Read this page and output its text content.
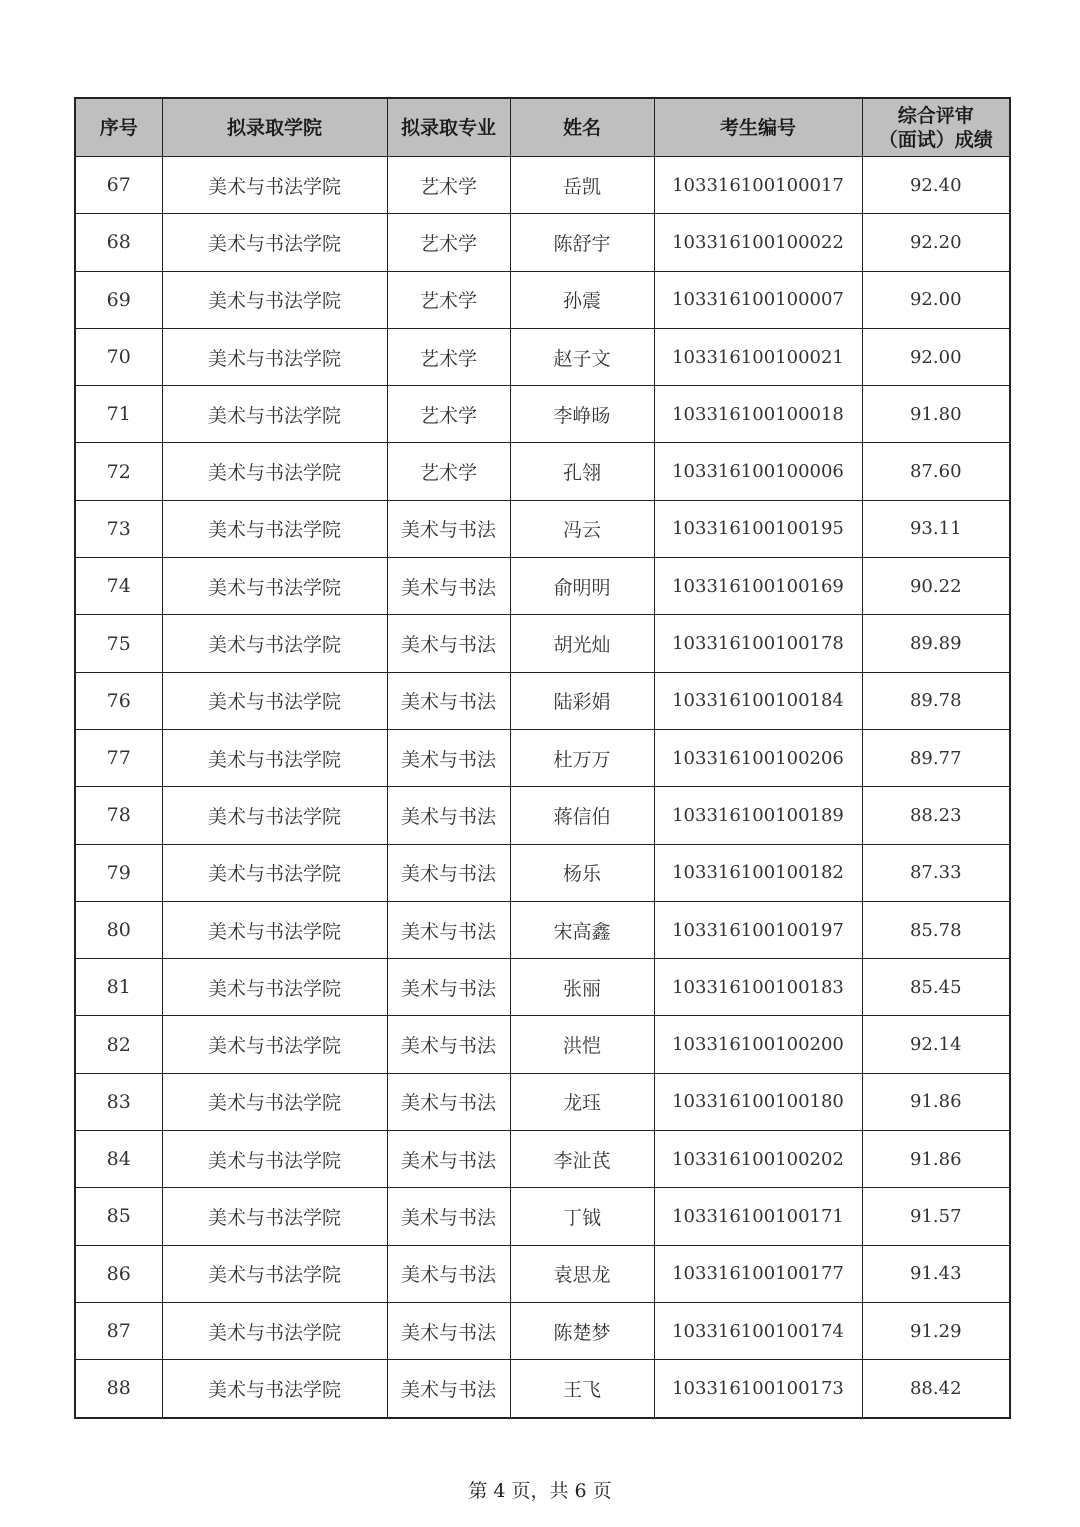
序号	拟录取学院	拟录取专业	姓名	考生编号	综合评审
（面试）成绩

67	美术与书法学院	艺术学	岳凯	103316100100017	92.40
68	美术与书法学院	艺术学	陈舒宇	103316100100022	92.20
69	美术与书法学院	艺术学	孙震	103316100100007	92.00
70	美术与书法学院	艺术学	赵子文	103316100100021	92.00
71	美术与书法学院	艺术学	李峥旸	103316100100018	91.80
72	美术与书法学院	艺术学	孔翎	103316100100006	87.60
73	美术与书法学院	美术与书法	冯云	103316100100195	93.11
74	美术与书法学院	美术与书法	俞明明	103316100100169	90.22
75	美术与书法学院	美术与书法	胡光灿	103316100100178	89.89
76	美术与书法学院	美术与书法	陆彩娟	103316100100184	89.78
77	美术与书法学院	美术与书法	杜万万	103316100100206	89.77
78	美术与书法学院	美术与书法	蒋信伯	103316100100189	88.23
79	美术与书法学院	美术与书法	杨乐	103316100100182	87.33
80	美术与书法学院	美术与书法	宋高鑫	103316100100197	85.78
81	美术与书法学院	美术与书法	张丽	103316100100183	85.45
82	美术与书法学院	美术与书法	洪恺	103316100100200	92.14
83	美术与书法学院	美术与书法	龙珏	103316100100180	91.86
84	美术与书法学院	美术与书法	李沚芪	103316100100202	91.86
85	美术与书法学院	美术与书法	丁钺	103316100100171	91.57
86	美术与书法学院	美术与书法	袁思龙	103316100100177	91.43
87	美术与书法学院	美术与书法	陈楚梦	103316100100174	91.29
88	美术与书法学院	美术与书法	王飞	103316100100173	88.42
第 4 页，共 6 页
